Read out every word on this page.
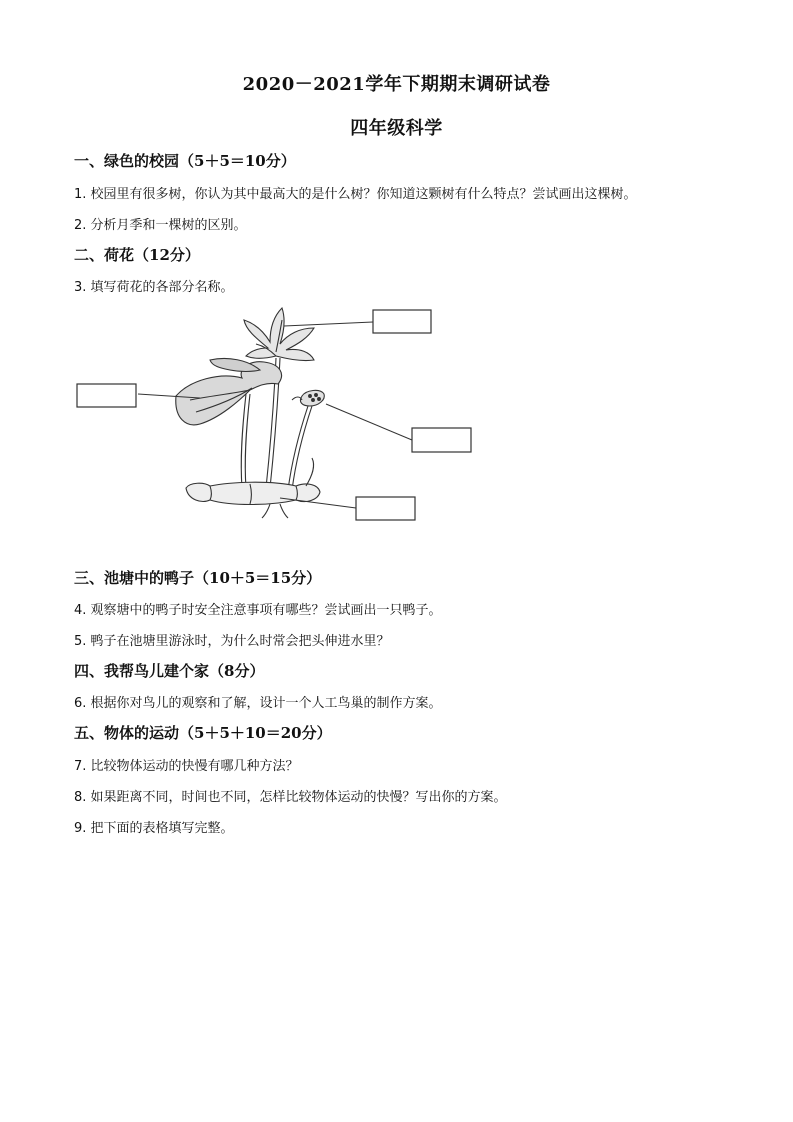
2020－2021学年下期期末调研试卷
四年级科学
一、绿色的校园（5＋5＝10分）
1. 校园里有很多树，你认为其中最高大的是什么树？你知道这颗树有什么特点？尝试画出这棵树。
2. 分析月季和一棵树的区别。
二、荷花（12分）
3. 填写荷花的各部分名称。
三、池塘中的鸭子（10＋5＝15分）
4. 观察塘中的鸭子时安全注意事项有哪些？尝试画出一只鸭子。
5. 鸭子在池塘里游泳时，为什么时常会把头伸进水里？
四、我帮鸟儿建个家（8分）
6. 根据你对鸟儿的观察和了解，设计一个人工鸟巢的制作方案。
五、物体的运动（5＋5＋10＝20分）
7. 比较物体运动的快慢有哪几种方法？
8. 如果距离不同，时间也不同，怎样比较物体运动的快慢？写出你的方案。
9. 把下面的表格填写完整。
